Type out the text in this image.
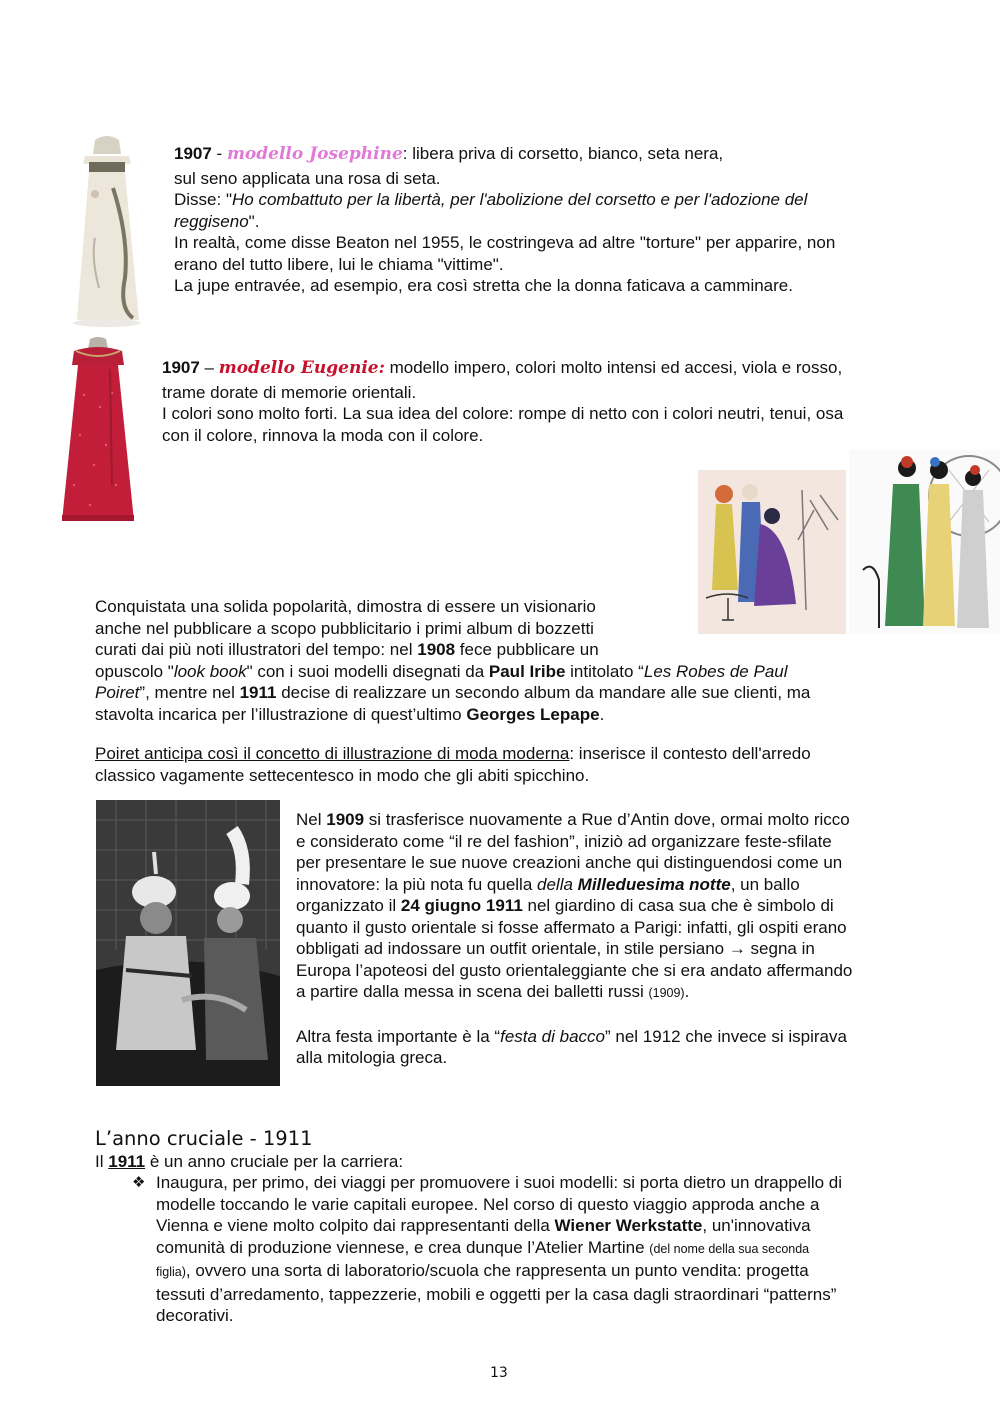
1907 - modello Josephine: libera priva di corsetto, bianco, seta nera,
sul seno applicata una rosa di seta.
Disse: "Ho combattuto per la libertà, per l'abolizione del corsetto e per l'adozione del
reggiseno".
In realtà, come disse Beaton nel 1955, le costringeva ad altre "torture" per apparire, non
erano del tutto libere, lui le chiama "vittime".
La jupe entravée, ad esempio, era così stretta che la donna faticava a camminare.
1907 – modello Eugenie: modello impero, colori molto intensi ed accesi, viola e rosso,
trame dorate di memorie orientali.
I colori sono molto forti. La sua idea del colore: rompe di netto con i colori neutri, tenui, osa
con il colore, rinnova la moda con il colore.
Conquistata una solida popolarità, dimostra di essere un visionario
anche nel pubblicare a scopo pubblicitario i primi album di bozzetti
curati dai più noti illustratori del tempo: nel 1908 fece pubblicare un
opuscolo "look book" con i suoi modelli disegnati da Paul Iribe intitolato “Les Robes de Paul
Poiret”, mentre nel 1911 decise di realizzare un secondo album da mandare alle sue clienti, ma
stavolta incarica per l’illustrazione di quest’ultimo Georges Lepape.
Poiret anticipa così il concetto di illustrazione di moda moderna: inserisce il contesto dell'arredo
classico vagamente settecentesco in modo che gli abiti spicchino.
Nel 1909 si trasferisce nuovamente a Rue d’Antin dove, ormai molto ricco
e considerato come “il re del fashion”, iniziò ad organizzare feste-sfilate
per presentare le sue nuove creazioni anche qui distinguendosi come un
innovatore: la più nota fu quella della Milleduesima notte, un ballo
organizzato il 24 giugno 1911 nel giardino di casa sua che è simbolo di
quanto il gusto orientale si fosse affermato a Parigi: infatti, gli ospiti erano
obbligati ad indossare un outfit orientale, in stile persiano → segna in
Europa l’apoteosi del gusto orientaleggiante che si era andato affermando
a partire dalla messa in scena dei balletti russi (1909).
Altra festa importante è la “festa di bacco” nel 1912 che invece si ispirava
alla mitologia greca.
L’anno cruciale - 1911
Il 1911 è un anno cruciale per la carriera:
❖ Inaugura, per primo, dei viaggi per promuovere i suoi modelli: si porta dietro un drappello di
modelle toccando le varie capitali europee. Nel corso di questo viaggio approda anche a
Vienna e viene molto colpito dai rappresentanti della Wiener Werkstatte, un'innovativa
comunità di produzione viennese, e crea dunque l’Atelier Martine (del nome della sua seconda
figlia), ovvero una sorta di laboratorio/scuola che rappresenta un punto vendita: progetta
tessuti d’arredamento, tappezzerie, mobili e oggetti per la casa dagli straordinari “patterns”
decorativi.
13
